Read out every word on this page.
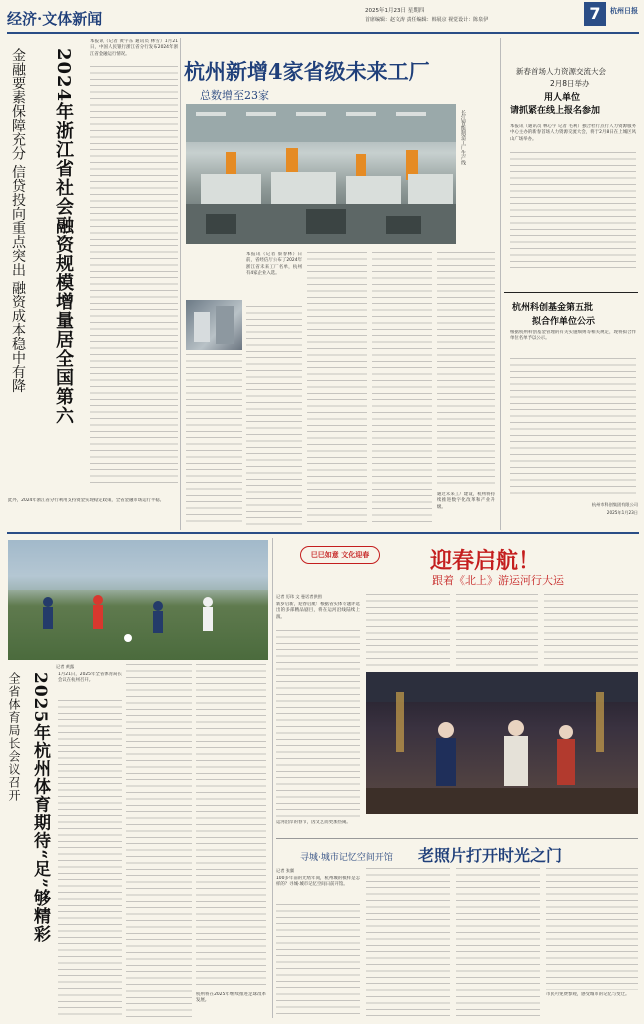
经济·文体新闻	2025年1月23日 星期四
首席编辑：赵文涛 责任编辑：韩展京 视觉设计：陈泉伊	7	杭州日报
2024年浙江省社会融资规模增量居全国第六
金融要素保障充分 信贷投向重点突出 融资成本稳中有降
本报讯（记者 黄宇东 通讯员 林雪）1月21日，中国人民银行浙江省分行发布2024年浙江省金融运行情况。
此外，2024年浙江省分行利用支持资金实现稳定政策，全省金融市场运行平稳。
杭州新增4家省级未来工厂
总数增至23家
长江智能制造工厂生产线
本报讯（记者 蔡春林）日前，省经信厅公布了2024年浙江省未来工厂名单，杭州有4家企业入选。
通过未来工厂建设，杭州将持续推进数字化改革和产业升级。
新春首场人力资源交流大会
2月8日举办
用人单位
请抓紧在线上报名参加
本报讯（通讯员 林心宇 记者 毛利）独合杜行点行人力资源服务中心主办的新春首场人力资源交流大会，将于2月8日在上城区风山广场举办。
杭州科创基金第五批
拟合作单位公示
根据杭州科创基金管理的有关实施细则等相关规定，现将拟合作单位名单予以公示。
杭州市科创集团有限公司
2025年1月23日
2025年杭州体育期待“足”够精彩
全省体育局长会议召开
记者 黄露
1月21日，2025年全省体育局长会议在杭州召开。
杭州将在2025年继续推进足球改革发展。
巳巳如意 文化迎春	迎春启航！
跟着《北上》游运河行大运
记者 厉玮 文 曼话者供图
新岁启新，迎春启航！根据省实体专题评选出的多部精品剧目，将在运河沿线陆续上演。
运河沿岸的春节，因文艺而更加热闹。
寻城·城市记忆空间开馆 老照片打开时光之门
记者 张翼
100多年前的光绪年间，杭州城的模样是怎样的？寻城·城市记忆空间日前开馆。
市民可免费参观，感受城市的记忆与变迁。
